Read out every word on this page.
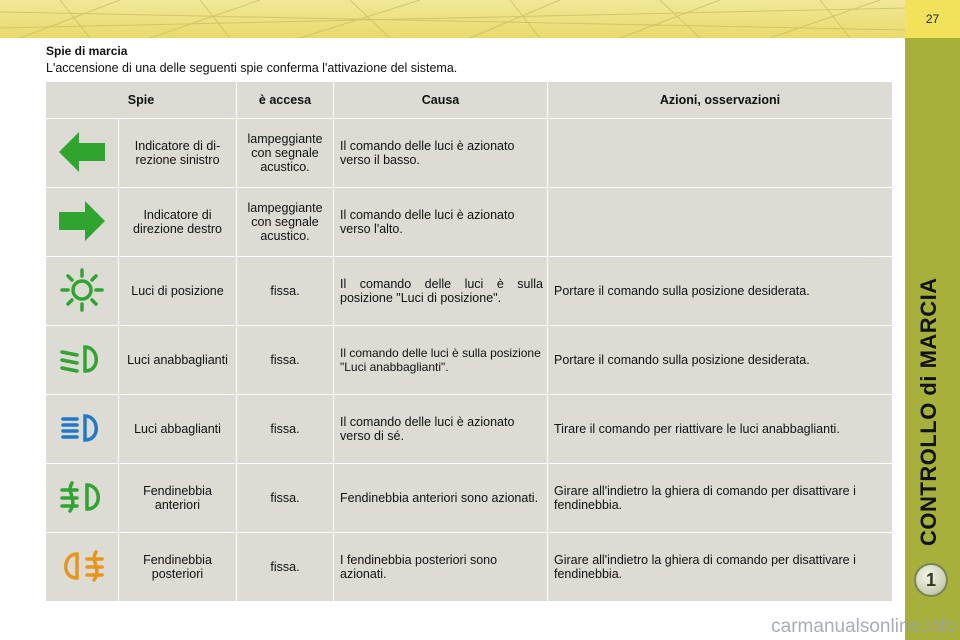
27
1
Spie di marcia
L'accensione di una delle seguenti spie conferma l'attivazione del sistema.
Spie		è accesa	Causa	Azioni, osservazioni
	Indicatore di di-rezione sinistro	lampeggiante con segnale acustico.	Il comando delle luci è azionato verso il basso.	
	Indicatore di direzione destro	lampeggiante con segnale acustico.	Il comando delle luci è azionato verso l'alto.	
	Luci di posizione	fissa.	Il comando delle luci è sulla posizione "Luci di posizione".	Portare il comando sulla posizione desiderata.
	Luci anabbaglianti	fissa.	Il comando delle luci è sulla posizione "Luci anabbaglianti".	Portare il comando sulla posizione desiderata.
	Luci abbaglianti	fissa.	Il comando delle luci è azionato verso di sé.	Tirare il comando per riattivare le luci anabbaglianti.
	Fendinebbia anteriori	fissa.	Fendinebbia anteriori sono azionati.	Girare all'indietro la ghiera di comando per disattivare i fendinebbia.
	Fendinebbia posteriori	fissa.	I fendinebbia posteriori sono azionati.	Girare all'indietro la ghiera di comando per disattivare i fendinebbia.
carmanualsonline.info
